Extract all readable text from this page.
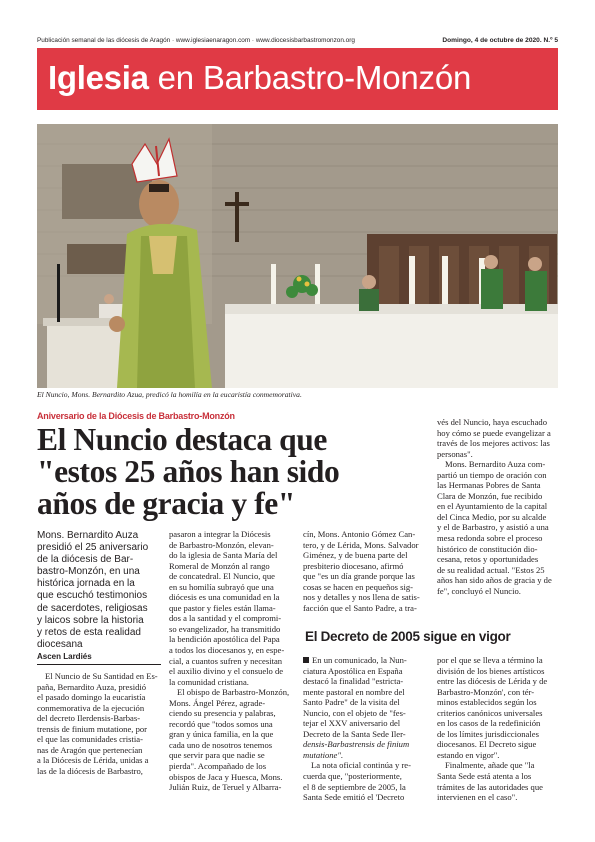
Publicación semanal de las diócesis de Aragón · www.iglesiaenaragon.com · www.diocesisbarbastromonzon.org	Domingo, 4 de octubre de 2020. N.º 5
Iglesia en Barbastro-Monzón
El Nuncio, Mons. Bernardito Azua, predicó la homilía en la eucaristía conmemorativa.
Aniversario de la Diócesis de Barbastro-Monzón
El Nuncio destaca que
"estos 25 años han sido
años de gracia y fe"
Mons. Bernardito Auza
presidió el 25 aniversario
de la diócesis de Bar-
bastro-Monzón, en una
histórica jornada en la
que escuchó testimonios
de sacerdotes, religiosas
y laicos sobre la historia
y retos de esta realidad
diocesana
Ascen Lardiés
El Nuncio de Su Santidad en Es-
paña, Bernardito Auza, presidió
el pasado domingo la eucaristía
conmemorativa de la ejecución
del decreto Ilerdensis-Barbas-
trensis de finium mutatione, por
el que las comunidades cristia-
nas de Aragón que pertenecían
a la Diócesis de Lérida, unidas a
las de la diócesis de Barbastro,
pasaron a integrar la Diócesis
de Barbastro-Monzón, elevan-
do la iglesia de Santa María del
Romeral de Monzón al rango
de concatedral. El Nuncio, que
en su homilía subrayó que una
diócesis es una comunidad en la
que pastor y fieles están llama-
dos a la santidad y el compromi-
so evangelizador, ha transmitido
la bendición apostólica del Papa
a todos los diocesanos y, en espe-
cial, a cuantos sufren y necesitan
el auxilio divino y el consuelo de
la comunidad cristiana.
El obispo de Barbastro-Monzón,
Mons. Ángel Pérez, agrade-
ciendo su presencia y palabras,
recordó que "todos somos una
gran y única familia, en la que
cada uno de nosotros tenemos
que servir para que nadie se
pierda". Acompañado de los
obispos de Jaca y Huesca, Mons.
Julián Ruiz, de Teruel y Albarra-
cín, Mons. Antonio Gómez Can-
tero, y de Lérida, Mons. Salvador
Giménez, y de buena parte del
presbiterio diocesano, afirmó
que "es un día grande porque las
cosas se hacen en pequeños sig-
nos y detalles y nos llena de satis-
facción que el Santo Padre, a tra-
vés del Nuncio, haya escuchado
hoy cómo se puede evangelizar a
través de los mejores activos: las
personas".
Mons. Bernardito Auza com-
partió un tiempo de oración con
las Hermanas Pobres de Santa
Clara de Monzón, fue recibido
en el Ayuntamiento de la capital
del Cinca Medio, por su alcalde
y el de Barbastro, y asistió a una
mesa redonda sobre el proceso
histórico de constitución dio-
cesana, retos y oportunidades
de su realidad actual. "Estos 25
años han sido años de gracia y de
fe", concluyó el Nuncio.
El Decreto de 2005 sigue en vigor
En un comunicado, la Nun-
ciatura Apostólica en España
destacó la finalidad "estricta-
mente pastoral en nombre del
Santo Padre" de la visita del
Nuncio, con el objeto de "fes-
tejar el XXV aniversario del
Decreto de la Santa Sede Iler-
densis-Barbastrensis de finium
mutatione".
La nota oficial continúa y re-
cuerda que, "posteriormente,
el 8 de septiembre de 2005, la
Santa Sede emitió el 'Decreto
por el que se lleva a término la
división de los bienes artísticos
entre las diócesis de Lérida y de
Barbastro-Monzón', con tér-
minos establecidos según los
criterios canónicos universales
en los casos de la redefinición
de los límites jurisdiccionales
diocesanos. El Decreto sigue
estando en vigor".
Finalmente, añade que "la
Santa Sede está atenta a los
trámites de las autoridades que
intervienen en el caso".
